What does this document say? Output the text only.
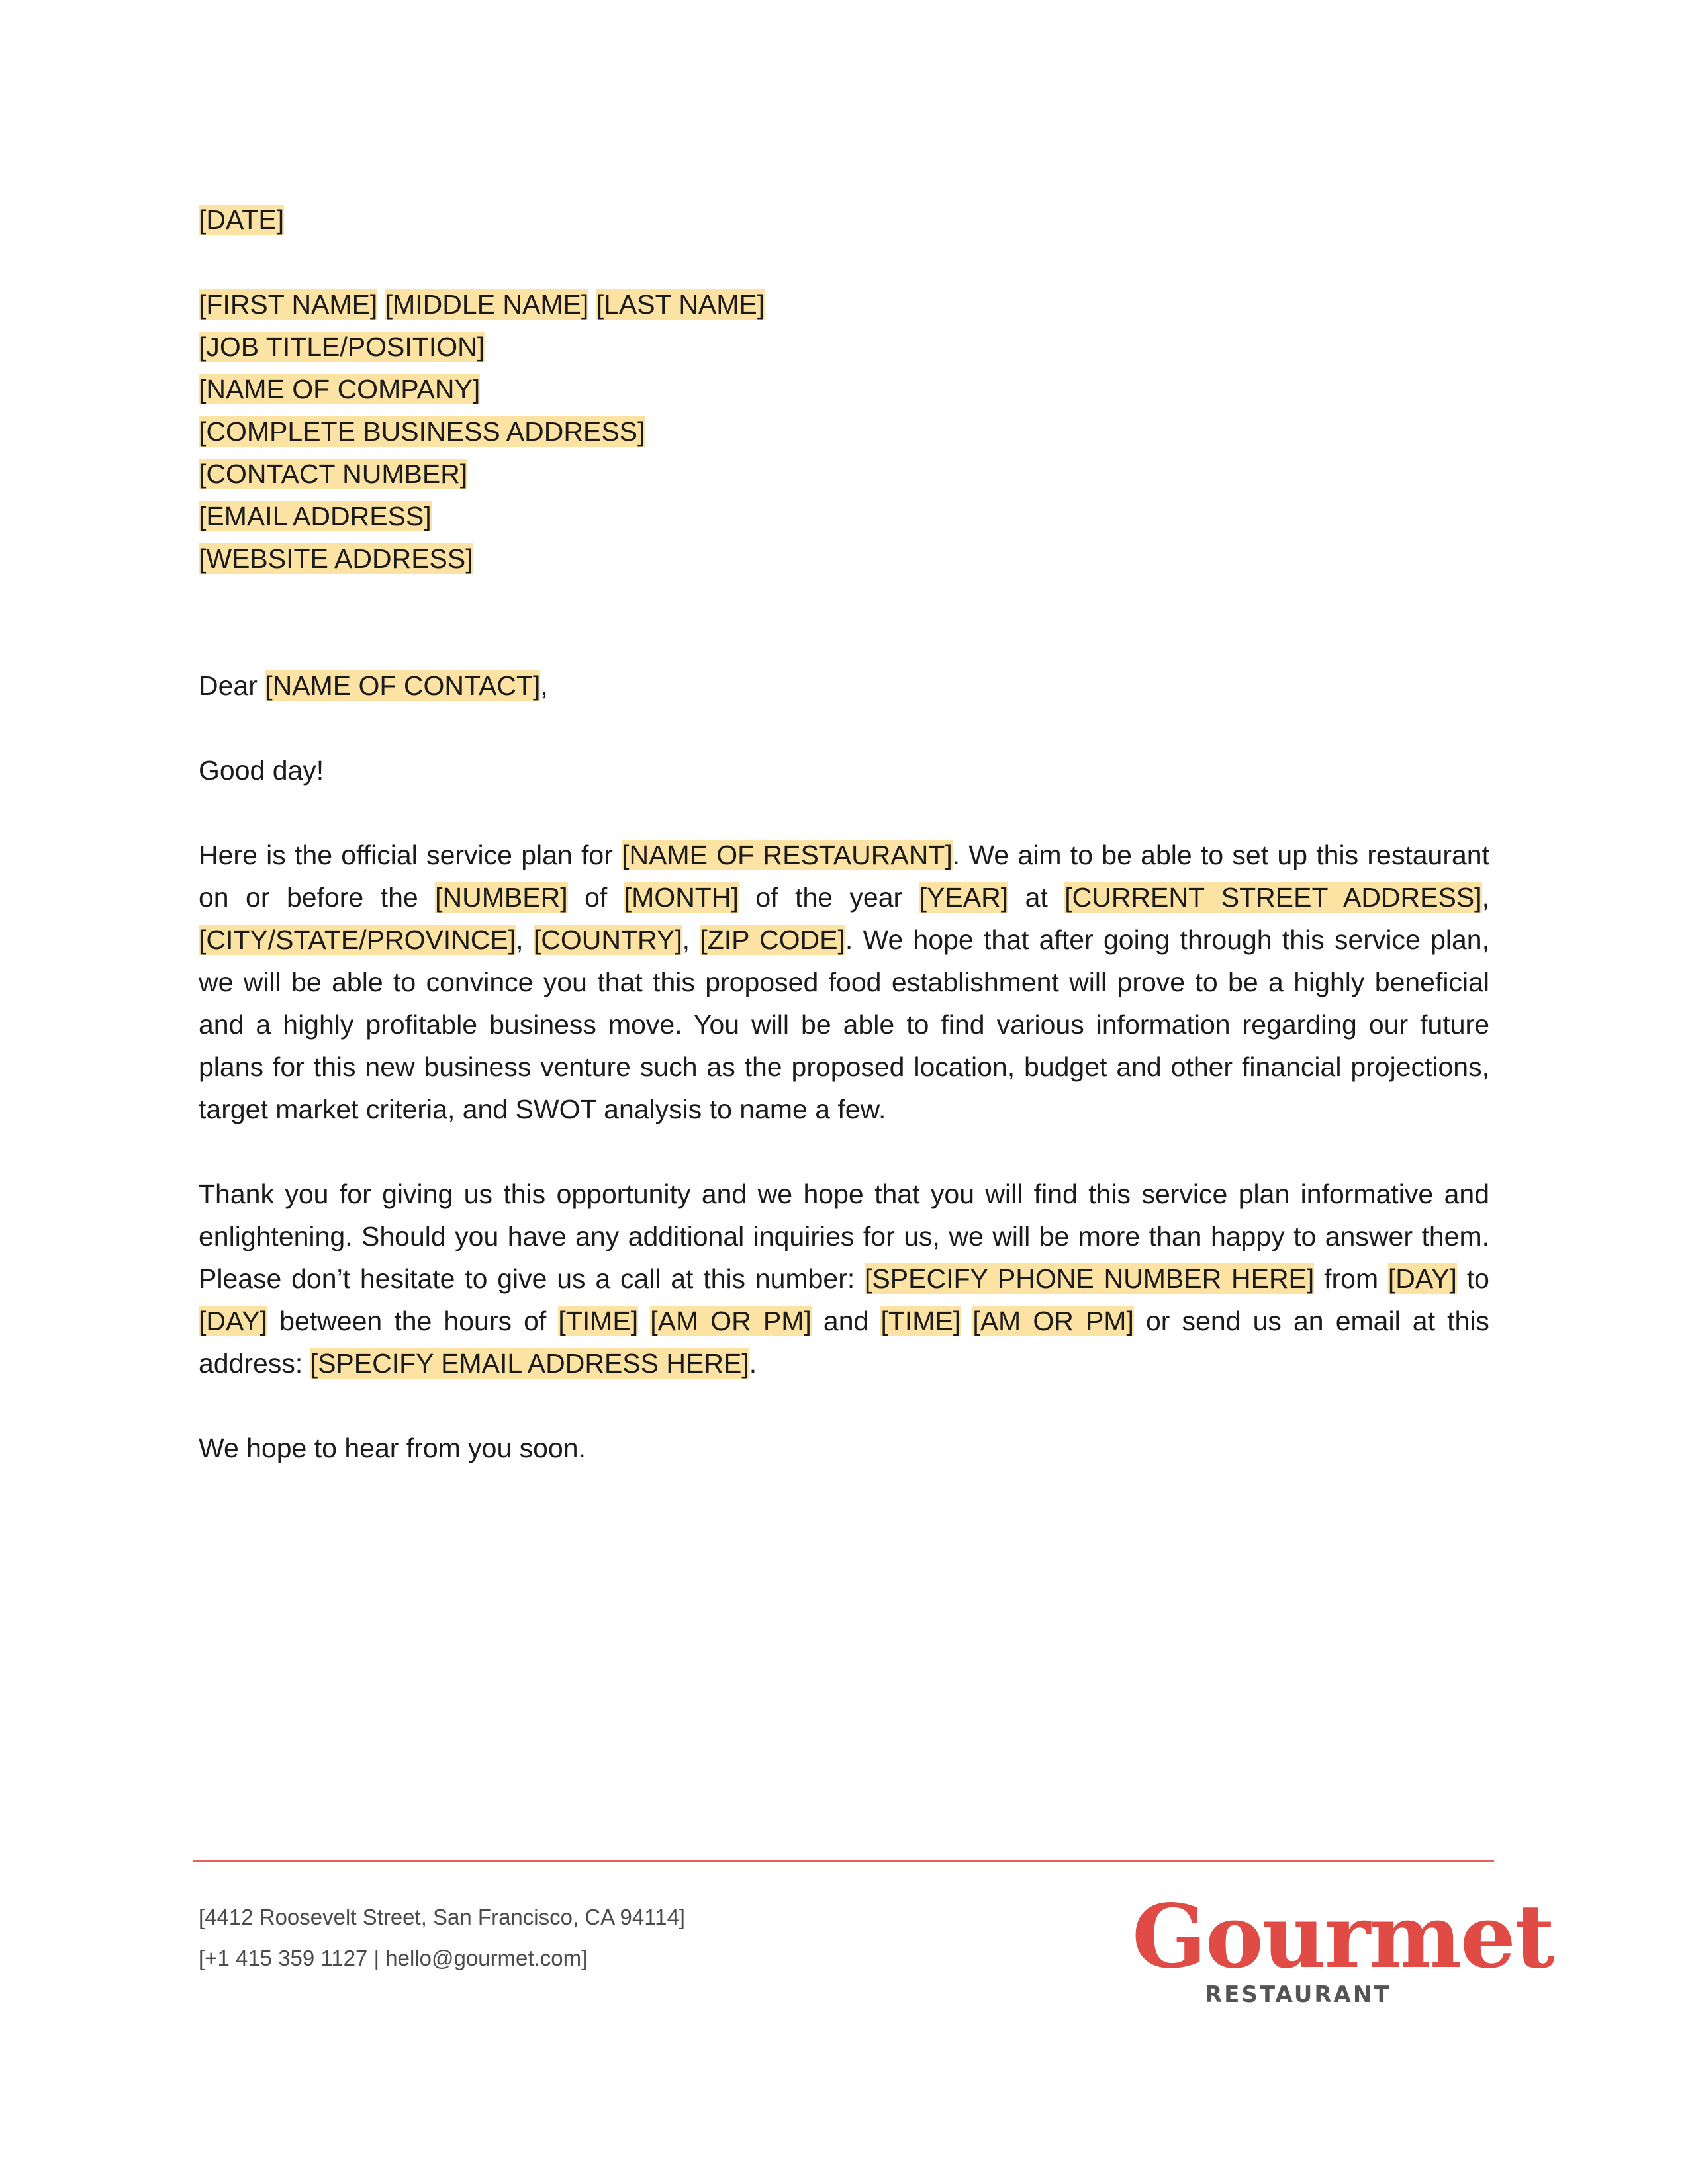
[DATE]
[FIRST NAME] [MIDDLE NAME] [LAST NAME]
[JOB TITLE/POSITION]
[NAME OF COMPANY]
[COMPLETE BUSINESS ADDRESS]
[CONTACT NUMBER]
[EMAIL ADDRESS]
[WEBSITE ADDRESS]

Dear [NAME OF CONTACT],

Good day!

Here is the official service plan for [NAME OF RESTAURANT]. We aim to be able to set up this restaurant on or before the [NUMBER] of [MONTH] of the year [YEAR] at [CURRENT STREET ADDRESS], [CITY/STATE/PROVINCE], [COUNTRY], [ZIP CODE]. We hope that after going through this service plan, we will be able to convince you that this proposed food establishment will prove to be a highly beneficial and a highly profitable business move. You will be able to find various information regarding our future plans for this new business venture such as the proposed location, budget and other financial projections, target market criteria, and SWOT analysis to name a few.

Thank you for giving us this opportunity and we hope that you will find this service plan informative and enlightening. Should you have any additional inquiries for us, we will be more than happy to answer them. Please don’t hesitate to give us a call at this number: [SPECIFY PHONE NUMBER HERE] from [DAY] to [DAY] between the hours of [TIME] [AM OR PM] and [TIME] [AM OR PM] or send us an email at this address: [SPECIFY EMAIL ADDRESS HERE].

We hope to hear from you soon.

[4412 Roosevelt Street, San Francisco, CA 94114]
[+1 415 359 1127 | hello@gourmet.com]	Gourmet
RESTAURANT
